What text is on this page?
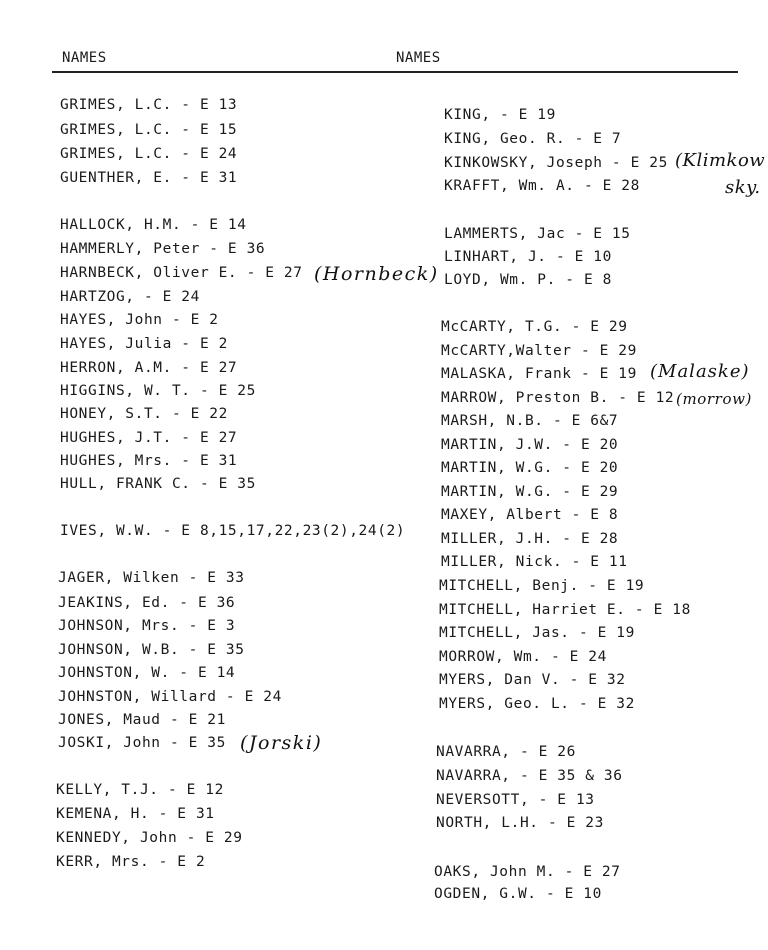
NAMES	NAMES
GRIMES, L.C. - E 13
GRIMES, L.C. - E 15
GRIMES, L.C. - E 24
GUENTHER, E. - E 31
HALLOCK, H.M. - E 14
HAMMERLY, Peter - E 36
HARNBECK, Oliver E. - E 27
HARTZOG, - E 24
HAYES, John - E 2
HAYES, Julia - E 2
HERRON, A.M. - E 27
HIGGINS, W. T. - E 25
HONEY, S.T. - E 22
HUGHES, J.T. - E 27
HUGHES, Mrs. - E 31
HULL, FRANK C. - E 35
IVES, W.W. - E 8,15,17,22,23(2),24(2)
JAGER, Wilken - E 33
JEAKINS, Ed. - E 36
JOHNSON, Mrs. - E 3
JOHNSON, W.B. - E 35
JOHNSTON, W. - E 14
JOHNSTON, Willard - E 24
JONES, Maud - E 21
JOSKI, John - E 35
KELLY, T.J. - E 12
KEMENA, H. - E 31
KENNEDY, John - E 29
KERR, Mrs. - E 2
KING, - E 19
KING, Geo. R. - E 7
KINKOWSKY, Joseph - E 25
KRAFFT, Wm. A. - E 28
LAMMERTS, Jac - E 15
LINHART, J. - E 10
LOYD, Wm. P. - E 8
McCARTY, T.G. - E 29
McCARTY,Walter - E 29
MALASKA, Frank - E 19
MARROW, Preston B. - E 12
MARSH, N.B. - E 6&7
MARTIN, J.W. - E 20
MARTIN, W.G. - E 20
MARTIN, W.G. - E 29
MAXEY, Albert - E 8
MILLER, J.H. - E 28
MILLER, Nick. - E 11
MITCHELL, Benj. - E 19
MITCHELL, Harriet E. - E 18
MITCHELL, Jas. - E 19
MORROW, Wm. - E 24
MYERS, Dan V. - E 32
MYERS, Geo. L. - E 32
NAVARRA, - E 26
NAVARRA, - E 35 & 36
NEVERSOTT, - E 13
NORTH, L.H. - E 23
OAKS, John M. - E 27
OGDEN, G.W. - E 10
(Hornbeck)
(Jorski)
(Klimkow
sky.
(Malaske)
(morrow)
